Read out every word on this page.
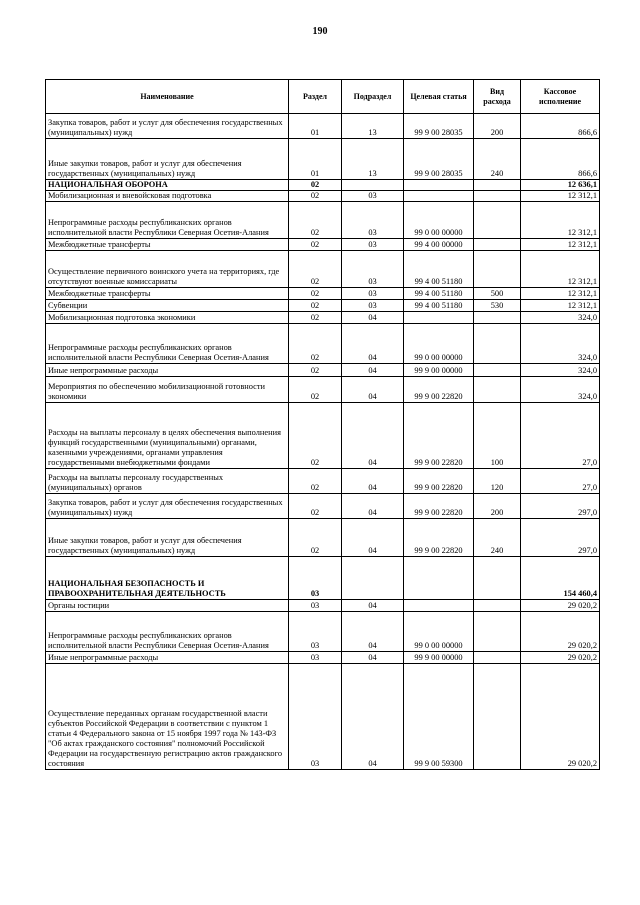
190
Наименование	Раздел	Подраздел	Целевая статья	Вид расхода	Кассовое исполнение
Закупка товаров, работ и услуг для обеспечения государственных (муниципальных) нужд	01	13	99 9 00 28035	200	866,6
Иные закупки товаров, работ и услуг для обеспечения государственных (муниципальных) нужд	01	13	99 9 00 28035	240	866,6
НАЦИОНАЛЬНАЯ ОБОРОНА	02				12 636,1
Мобилизационная и вневойсковая подготовка	02	03			12 312,1
Непрограммные расходы республиканских органов исполнительной власти Республики Северная Осетия-Алания	02	03	99 0 00 00000		12 312,1
Межбюджетные трансферты	02	03	99 4 00 00000		12 312,1
Осуществление первичного воинского учета на территориях, где отсутствуют военные комиссариаты	02	03	99 4 00 51180		12 312,1
Межбюджетные трансферты	02	03	99 4 00 51180	500	12 312,1
Субвенции	02	03	99 4 00 51180	530	12 312,1
Мобилизационная подготовка экономики	02	04			324,0
Непрограммные расходы республиканских органов исполнительной власти Республики Северная Осетия-Алания	02	04	99 0 00 00000		324,0
Иные непрограммные расходы	02	04	99 9 00 00000		324,0
Мероприятия по обеспечению мобилизационной готовности экономики	02	04	99 9 00 22820		324,0
Расходы на выплаты персоналу в целях обеспечения выполнения функций государственными (муниципальными) органами, казенными учреждениями, органами управления государственными внебюджетными фондами	02	04	99 9 00 22820	100	27,0
Расходы на выплаты персоналу государственных (муниципальных) органов	02	04	99 9 00 22820	120	27,0
Закупка товаров, работ и услуг для обеспечения государственных (муниципальных) нужд	02	04	99 9 00 22820	200	297,0
Иные закупки товаров, работ и услуг для обеспечения государственных (муниципальных) нужд	02	04	99 9 00 22820	240	297,0
НАЦИОНАЛЬНАЯ БЕЗОПАСНОСТЬ И ПРАВООХРАНИТЕЛЬНАЯ ДЕЯТЕЛЬНОСТЬ	03				154 460,4
Органы юстиции	03	04			29 020,2
Непрограммные расходы республиканских органов исполнительной власти Республики Северная Осетия-Алания	03	04	99 0 00 00000		29 020,2
Иные непрограммные расходы	03	04	99 9 00 00000		29 020,2
Осуществление переданных органам государственной власти субъектов Российской Федерации в соответствии с пунктом 1 статьи 4 Федерального закона от 15 ноября 1997 года № 143-ФЗ "Об актах гражданского состояния" полномочий Российской Федерации на государственную регистрацию актов гражданского состояния	03	04	99 9 00 59300		29 020,2
